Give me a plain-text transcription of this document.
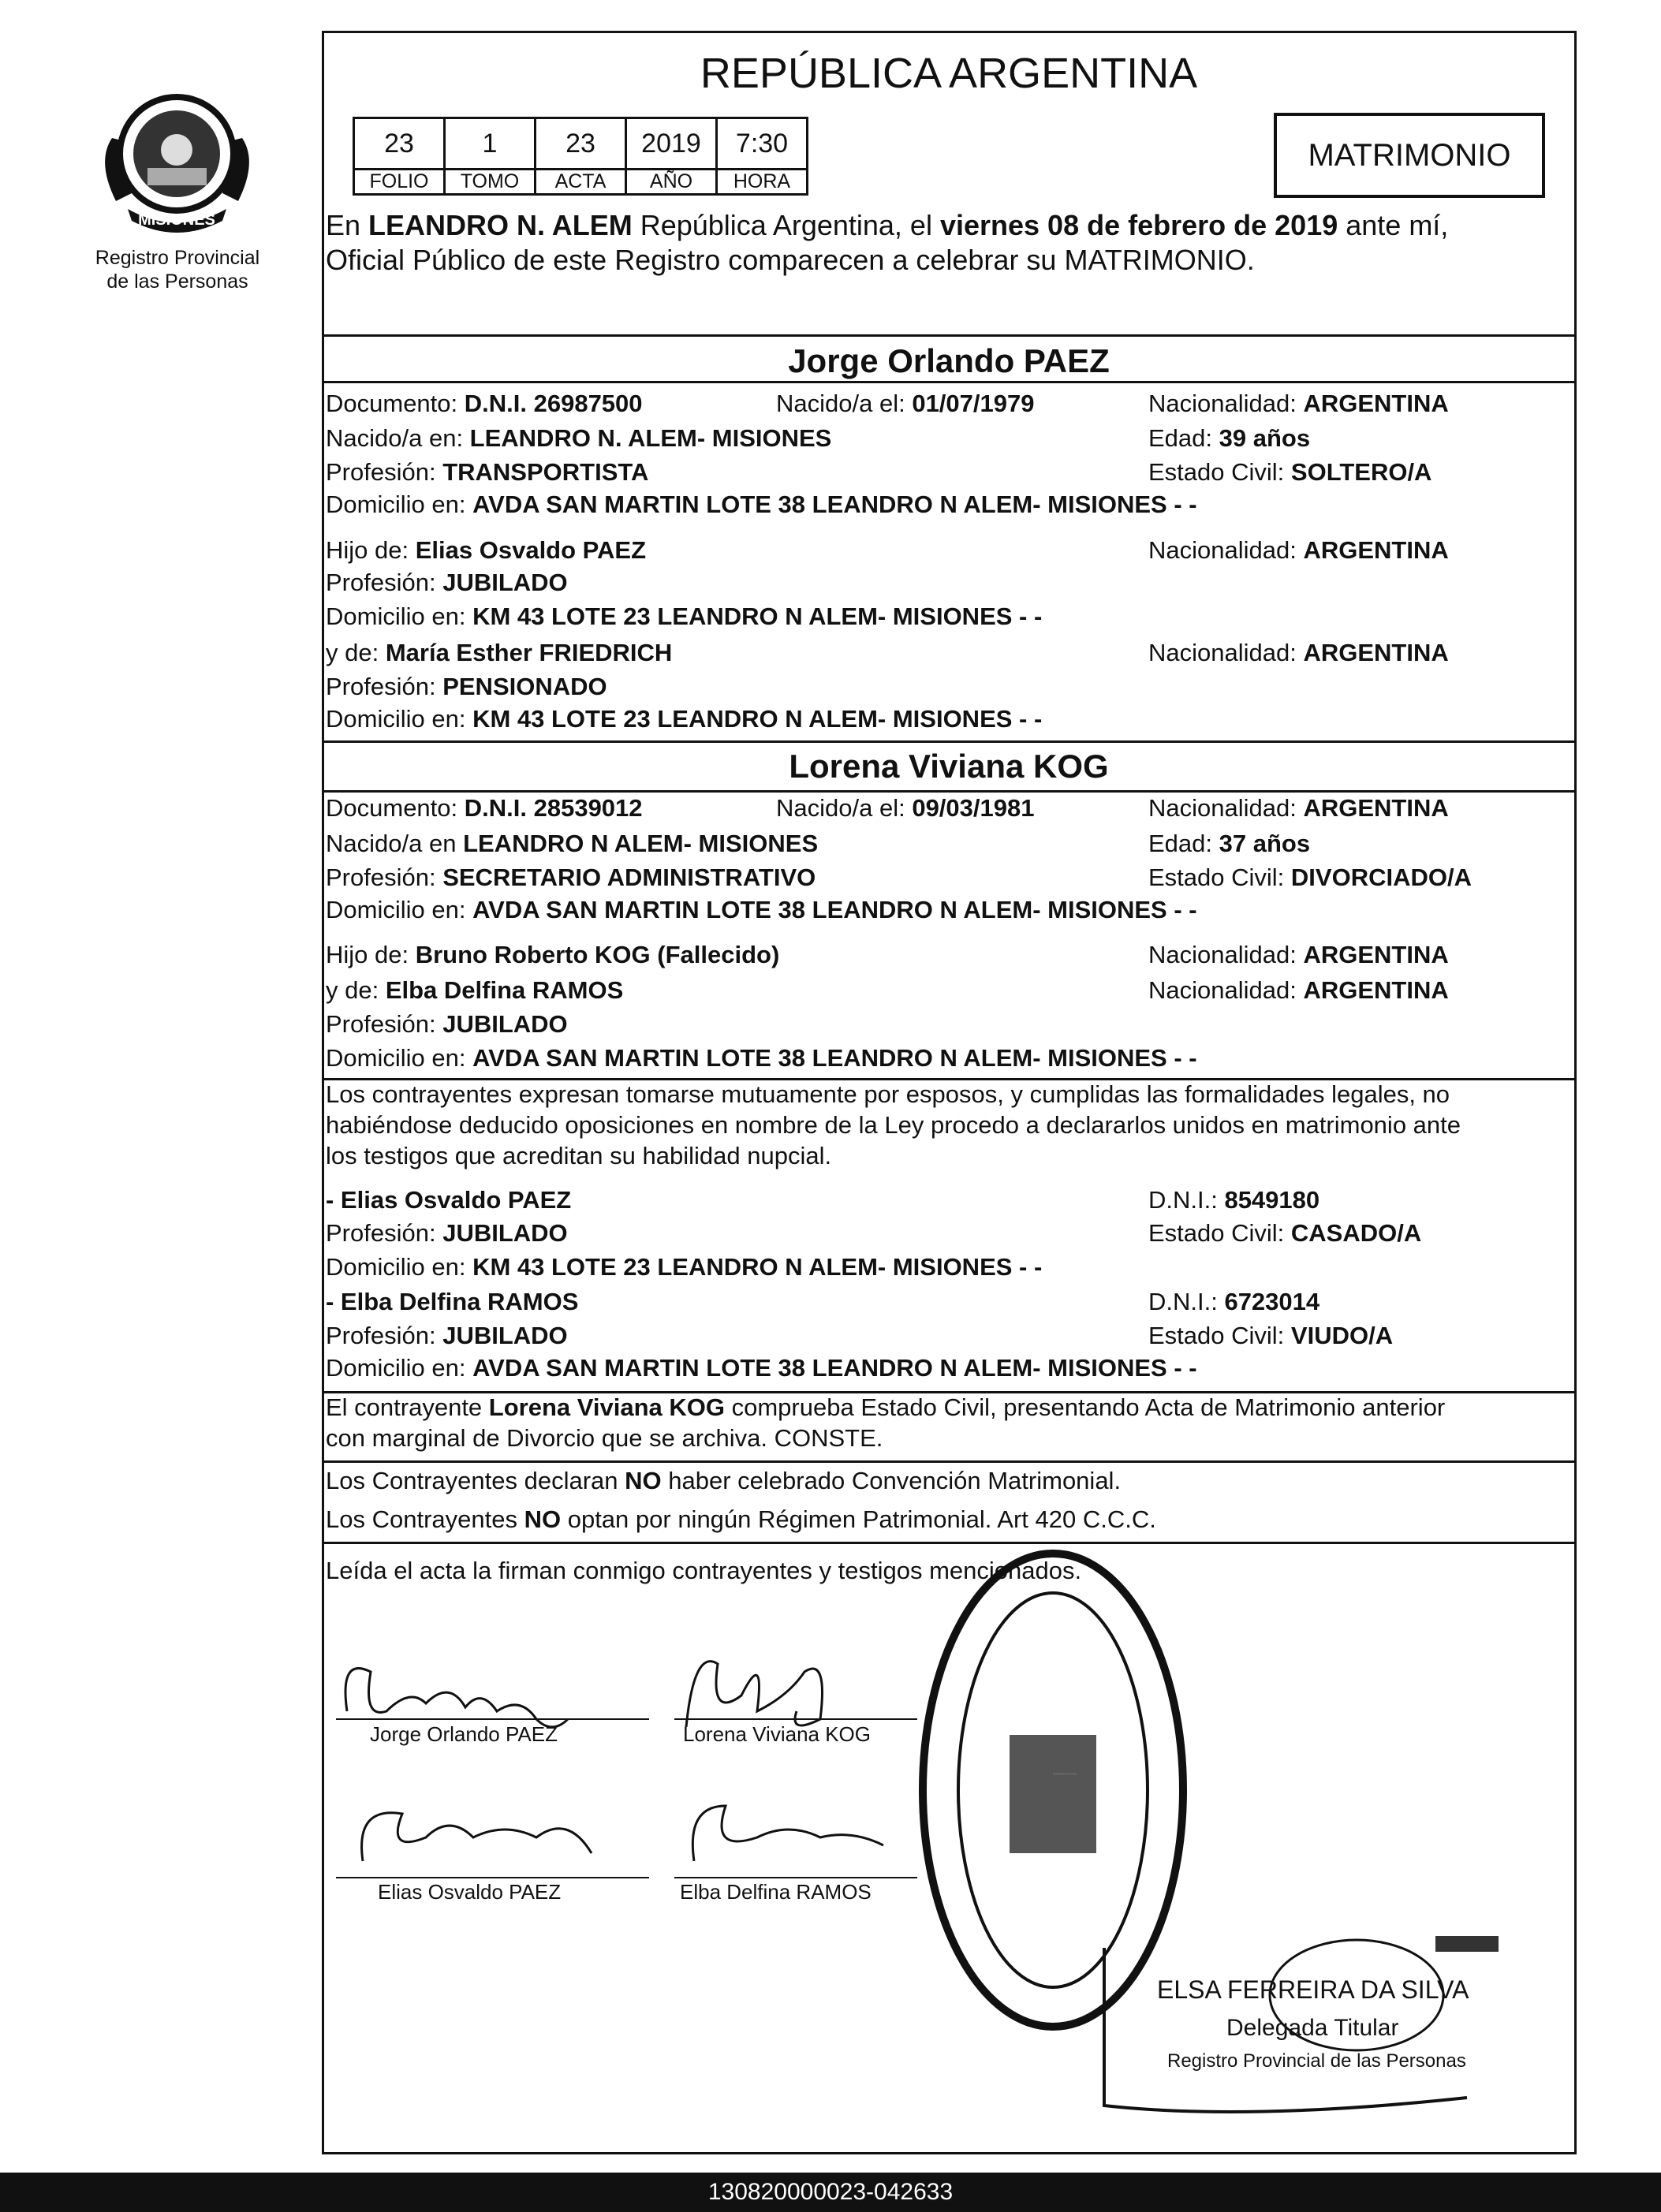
MISIONES
Registro Provincial
de las Personas
REPÚBLICA ARGENTINA
23	1	23	2019	7:30
FOLIO	TOMO	ACTA	AÑO	HORA
MATRIMONIO
En LEANDRO N. ALEM República Argentina, el viernes 08 de febrero de 2019 ante mí,
Oficial Público de este Registro comparecen a celebrar su MATRIMONIO.
Jorge Orlando PAEZ
Documento: D.N.I. 26987500	Nacido/a el: 01/07/1979	Nacionalidad: ARGENTINA
Nacido/a en: LEANDRO N. ALEM- MISIONES	Edad: 39 años
Profesión: TRANSPORTISTA	Estado Civil: SOLTERO/A
Domicilio en: AVDA SAN MARTIN LOTE 38 LEANDRO N ALEM- MISIONES - -
Hijo de: Elias Osvaldo PAEZ	Nacionalidad: ARGENTINA
Profesión: JUBILADO
Domicilio en: KM 43 LOTE 23 LEANDRO N ALEM- MISIONES - -
y de: María Esther FRIEDRICH	Nacionalidad: ARGENTINA
Profesión: PENSIONADO
Domicilio en: KM 43 LOTE 23 LEANDRO N ALEM- MISIONES - -
Lorena Viviana KOG
Documento: D.N.I. 28539012	Nacido/a el: 09/03/1981	Nacionalidad: ARGENTINA
Nacido/a en LEANDRO N ALEM- MISIONES	Edad: 37 años
Profesión: SECRETARIO ADMINISTRATIVO	Estado Civil: DIVORCIADO/A
Domicilio en: AVDA SAN MARTIN LOTE 38 LEANDRO N ALEM- MISIONES - -
Hijo de: Bruno Roberto KOG (Fallecido)	Nacionalidad: ARGENTINA
y de: Elba Delfina RAMOS	Nacionalidad: ARGENTINA
Profesión: JUBILADO
Domicilio en: AVDA SAN MARTIN LOTE 38 LEANDRO N ALEM- MISIONES - -
Los contrayentes expresan tomarse mutuamente por esposos, y cumplidas las formalidades legales, no
habiéndose deducido oposiciones en nombre de la Ley procedo a declararlos unidos en matrimonio ante
los testigos que acreditan su habilidad nupcial.
- Elias Osvaldo PAEZ	D.N.I.: 8549180
Profesión: JUBILADO	Estado Civil: CASADO/A
Domicilio en: KM 43 LOTE 23 LEANDRO N ALEM- MISIONES - -
- Elba Delfina RAMOS	D.N.I.: 6723014
Profesión: JUBILADO	Estado Civil: VIUDO/A
Domicilio en: AVDA SAN MARTIN LOTE 38 LEANDRO N ALEM- MISIONES - -
El contrayente Lorena Viviana KOG comprueba Estado Civil, presentando Acta de Matrimonio anterior
con marginal de Divorcio que se archiva. CONSTE.
Los Contrayentes declaran NO haber celebrado Convención Matrimonial.
Los Contrayentes NO optan por ningún Régimen Patrimonial. Art 420 C.C.C.
Leída el acta la firman conmigo contrayentes y testigos mencionados.
Jorge Orlando PAEZ	Lorena Viviana KOG
Elias Osvaldo PAEZ	Elba Delfina RAMOS
DELEGACION DEL REGISTRO PROVINCIAL DE LAS PERSONAS
ELSA FERREIRA DA SILVA
Delegada Titular
Registro Provincial de las Personas
130820000023-042633
